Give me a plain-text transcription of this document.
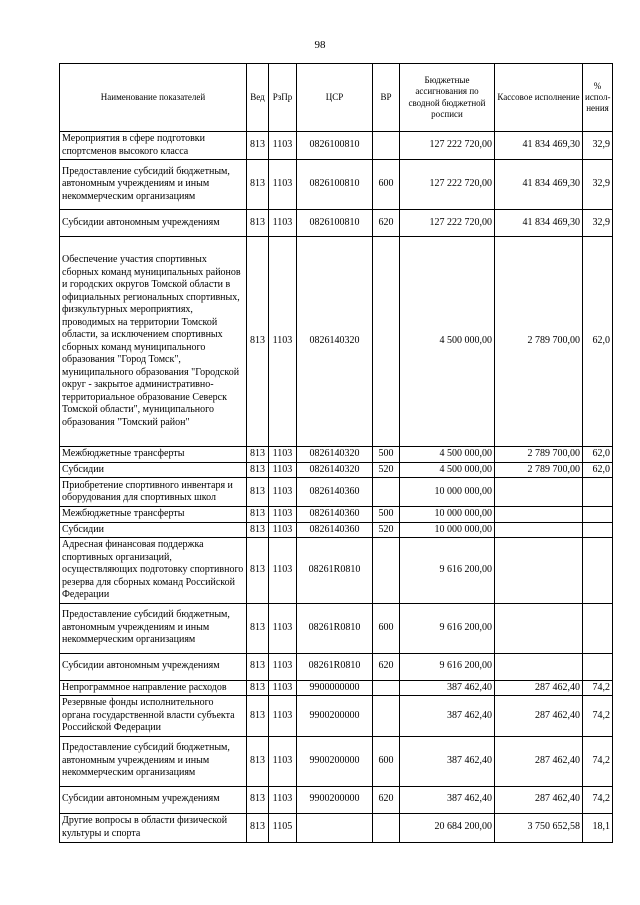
98
Наименование показателей	Вед	РзПр	ЦСР	ВР	Бюджетные ассигнования по сводной бюджетной росписи	Кассовое исполнение	% испол-нения
Мероприятия в сфере подготовки спортсменов высокого класса	813	1103	0826100810		127 222 720,00	41 834 469,30	32,9
Предоставление субсидий бюджетным, автономным учреждениям и иным некоммерческим организациям	813	1103	0826100810	600	127 222 720,00	41 834 469,30	32,9
Субсидии автономным учреждениям	813	1103	0826100810	620	127 222 720,00	41 834 469,30	32,9
Обеспечение участия спортивных сборных команд муниципальных районов и городских округов Томской области в официальных региональных спортивных, физкультурных мероприятиях, проводимых на территории Томской области, за исключением спортивных сборных команд муниципального образования "Город Томск", муниципального образования "Городской округ - закрытое административно-территориальное образование Северск Томской области", муниципального образования "Томский район"	813	1103	0826140320		4 500 000,00	2 789 700,00	62,0
Межбюджетные трансферты	813	1103	0826140320	500	4 500 000,00	2 789 700,00	62,0
Субсидии	813	1103	0826140320	520	4 500 000,00	2 789 700,00	62,0
Приобретение спортивного инвентаря и оборудования для спортивных школ	813	1103	0826140360		10 000 000,00		
Межбюджетные трансферты	813	1103	0826140360	500	10 000 000,00		
Субсидии	813	1103	0826140360	520	10 000 000,00		
Адресная финансовая поддержка спортивных организаций, осуществляющих подготовку спортивного резерва для сборных команд Российской Федерации	813	1103	08261R0810		9 616 200,00		
Предоставление субсидий бюджетным, автономным учреждениям и иным некоммерческим организациям	813	1103	08261R0810	600	9 616 200,00		
Субсидии автономным учреждениям	813	1103	08261R0810	620	9 616 200,00		
Непрограммное направление расходов	813	1103	9900000000		387 462,40	287 462,40	74,2
Резервные фонды исполнительного органа государственной власти субъекта Российской Федерации	813	1103	9900200000		387 462,40	287 462,40	74,2
Предоставление субсидий бюджетным, автономным учреждениям и иным некоммерческим организациям	813	1103	9900200000	600	387 462,40	287 462,40	74,2
Субсидии автономным учреждениям	813	1103	9900200000	620	387 462,40	287 462,40	74,2
Другие вопросы в области физической культуры и спорта	813	1105			20 684 200,00	3 750 652,58	18,1
